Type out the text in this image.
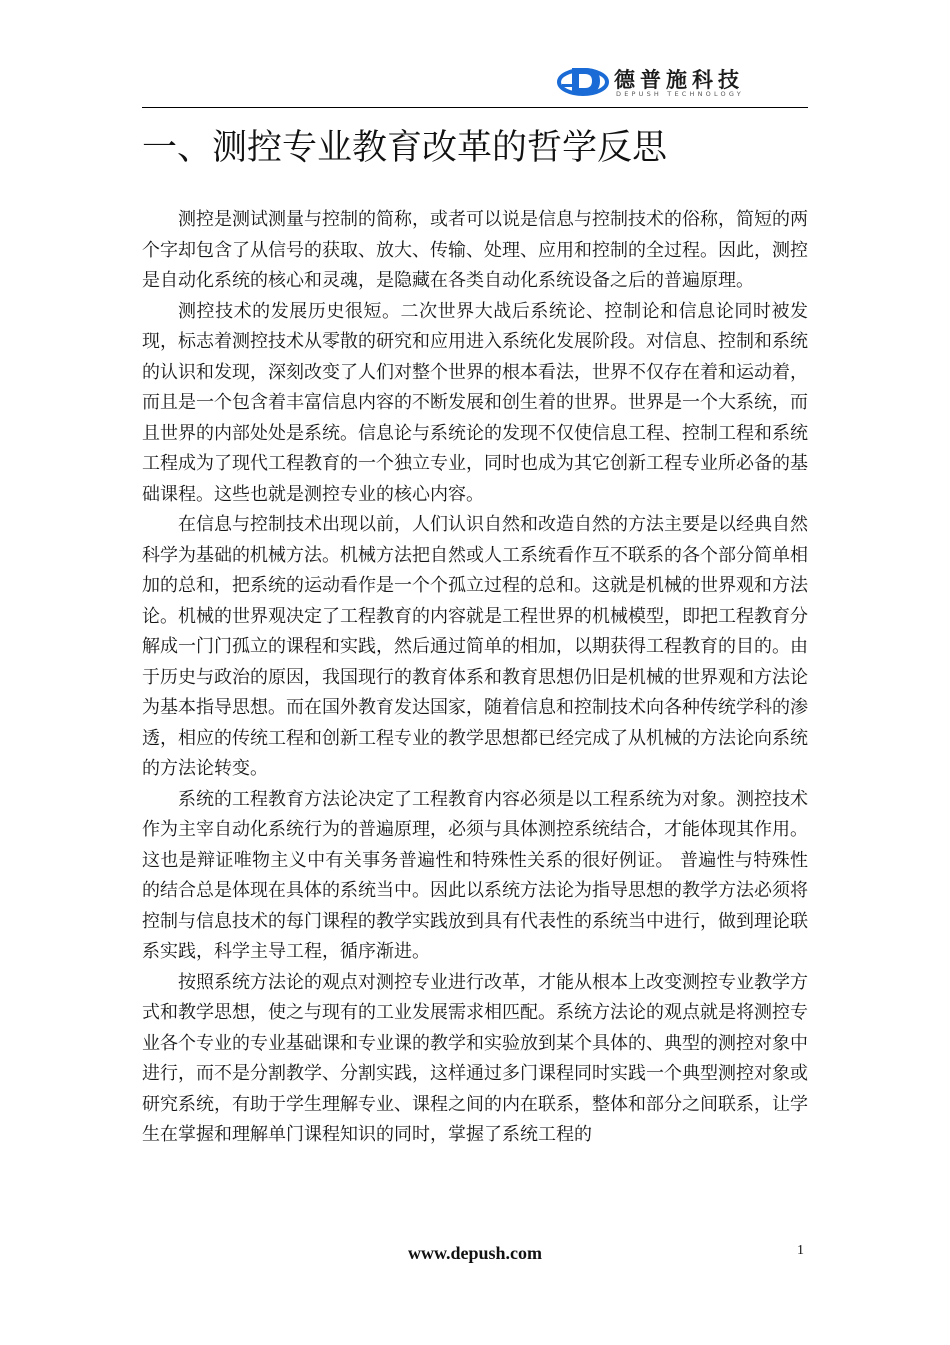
德普施科技
DEPUSH TECHNOLOGY
一、测控专业教育改革的哲学反思

测控是测试测量与控制的简称，或者可以说是信息与控制技术的俗称，简短的两个字却包含了从信号的获取、放大、传输、处理、应用和控制的全过程。因此，测控是自动化系统的核心和灵魂，是隐藏在各类自动化系统设备之后的普遍原理。

测控技术的发展历史很短。二次世界大战后系统论、控制论和信息论同时被发现，标志着测控技术从零散的研究和应用进入系统化发展阶段。对信息、控制和系统的认识和发现，深刻改变了人们对整个世界的根本看法，世界不仅存在着和运动着，而且是一个包含着丰富信息内容的不断发展和创生着的世界。世界是一个大系统，而且世界的内部处处是系统。信息论与系统论的发现不仅使信息工程、控制工程和系统工程成为了现代工程教育的一个独立专业，同时也成为其它创新工程专业所必备的基础课程。这些也就是测控专业的核心内容。

在信息与控制技术出现以前，人们认识自然和改造自然的方法主要是以经典自然科学为基础的机械方法。机械方法把自然或人工系统看作互不联系的各个部分简单相加的总和，把系统的运动看作是一个个孤立过程的总和。这就是机械的世界观和方法论。机械的世界观决定了工程教育的内容就是工程世界的机械模型，即把工程教育分解成一门门孤立的课程和实践，然后通过简单的相加，以期获得工程教育的目的。由于历史与政治的原因，我国现行的教育体系和教育思想仍旧是机械的世界观和方法论为基本指导思想。而在国外教育发达国家，随着信息和控制技术向各种传统学科的渗透，相应的传统工程和创新工程专业的教学思想都已经完成了从机械的方法论向系统的方法论转变。

系统的工程教育方法论决定了工程教育内容必须是以工程系统为对象。测控技术作为主宰自动化系统行为的普遍原理，必须与具体测控系统结合，才能体现其作用。这也是辩证唯物主义中有关事务普遍性和特殊性关系的很好例证。 普遍性与特殊性的结合总是体现在具体的系统当中。因此以系统方法论为指导思想的教学方法必须将控制与信息技术的每门课程的教学实践放到具有代表性的系统当中进行，做到理论联系实践，科学主导工程，循序渐进。

按照系统方法论的观点对测控专业进行改革，才能从根本上改变测控专业教学方式和教学思想，使之与现有的工业发展需求相匹配。系统方法论的观点就是将测控专业各个专业的专业基础课和专业课的教学和实验放到某个具体的、典型的测控对象中进行，而不是分割教学、分割实践，这样通过多门课程同时实践一个典型测控对象或研究系统，有助于学生理解专业、课程之间的内在联系，整体和部分之间联系，让学生在掌握和理解单门课程知识的同时，掌握了系统工程的

www.depush.com	1
